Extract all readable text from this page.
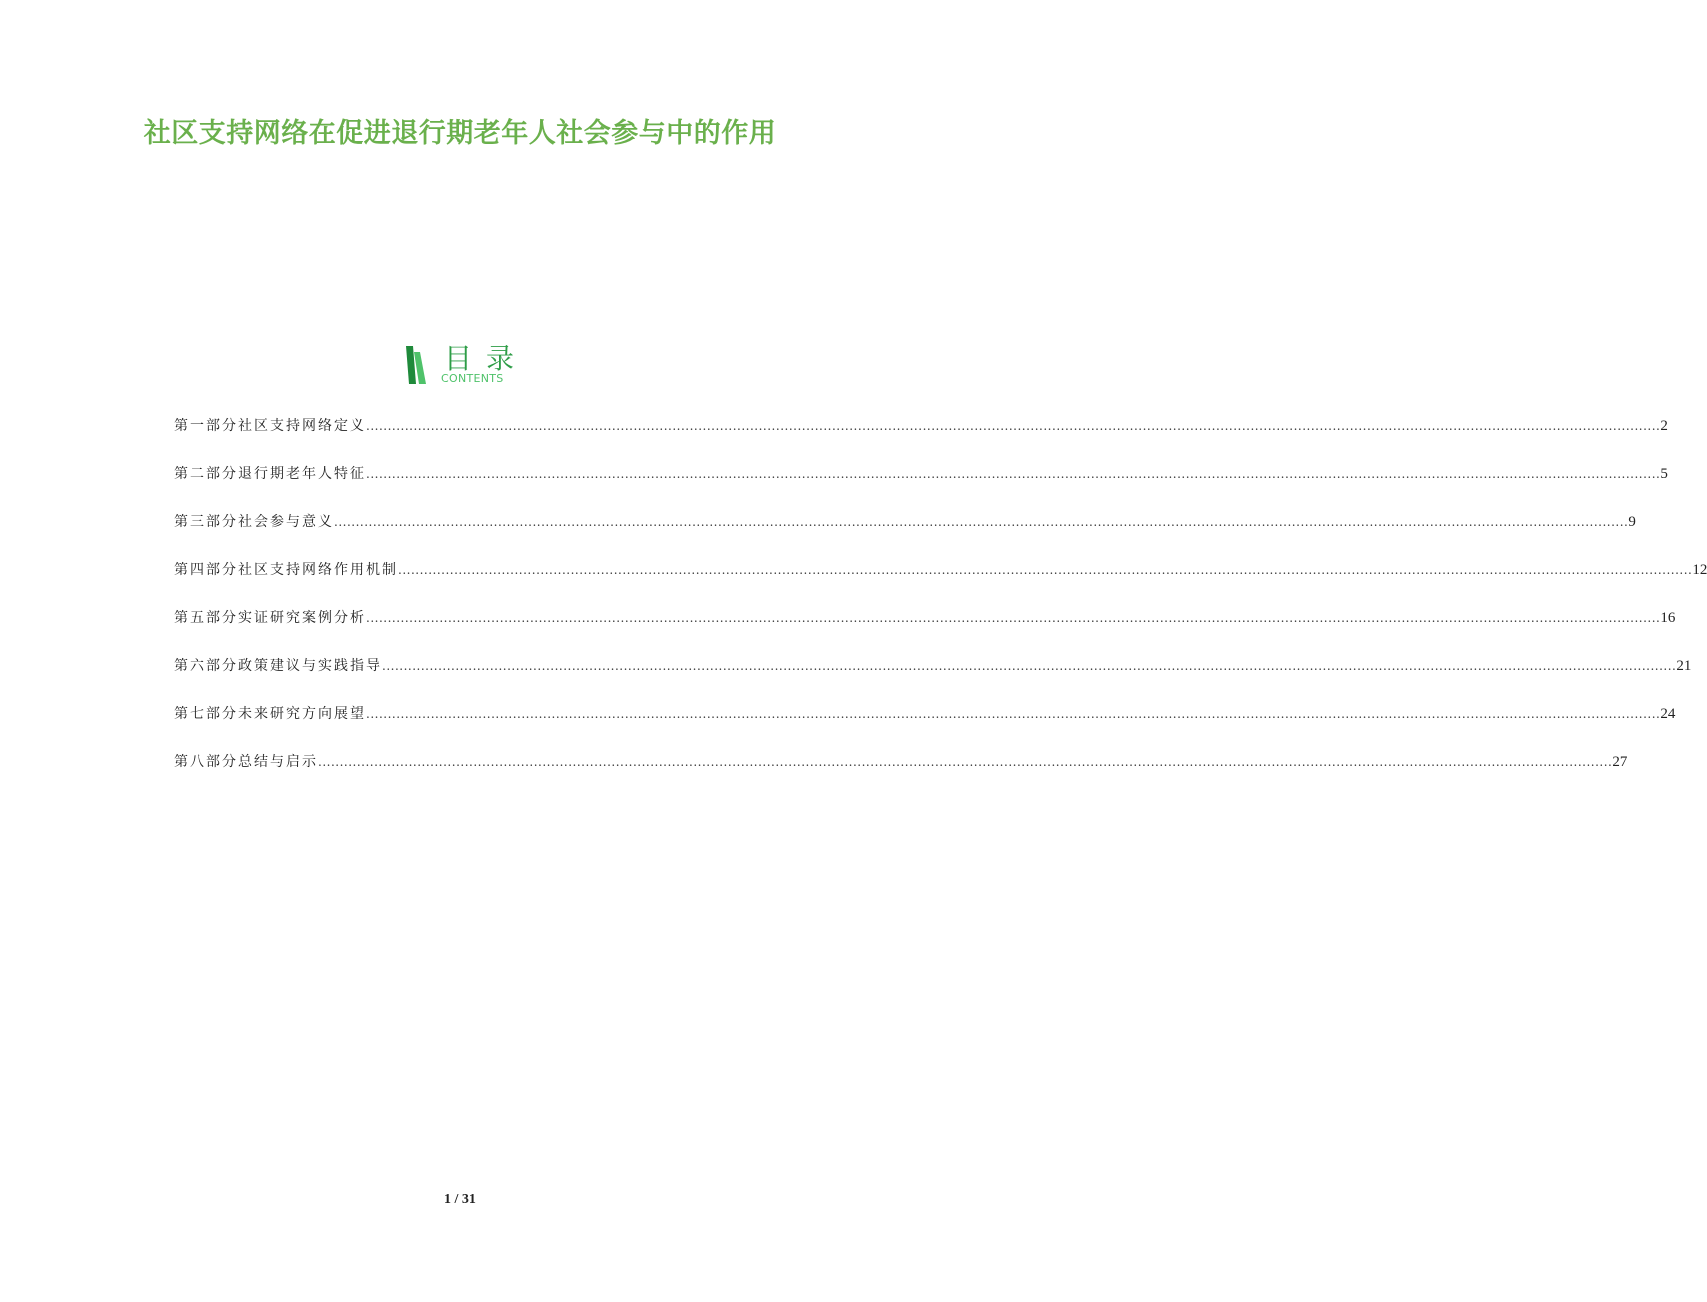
社区支持网络在促进退行期老年人社会参与中的作用
目录
CONTENTS
第一部分 社区支持网络定义 ............................................................................................................................................................................................................................................................................................................ 2
第二部分 退行期老年人特征 ............................................................................................................................................................................................................................................................................................................ 5
第三部分 社会参与意义 ............................................................................................................................................................................................................................................................................................................ 9
第四部分 社区支持网络作用机制 ............................................................................................................................................................................................................................................................................................................ 12
第五部分 实证研究案例分析 ............................................................................................................................................................................................................................................................................................................ 16
第六部分 政策建议与实践指导 ............................................................................................................................................................................................................................................................................................................ 21
第七部分 未来研究方向展望 ............................................................................................................................................................................................................................................................................................................ 24
第八部分 总结与启示 ............................................................................................................................................................................................................................................................................................................ 27
1 / 31
